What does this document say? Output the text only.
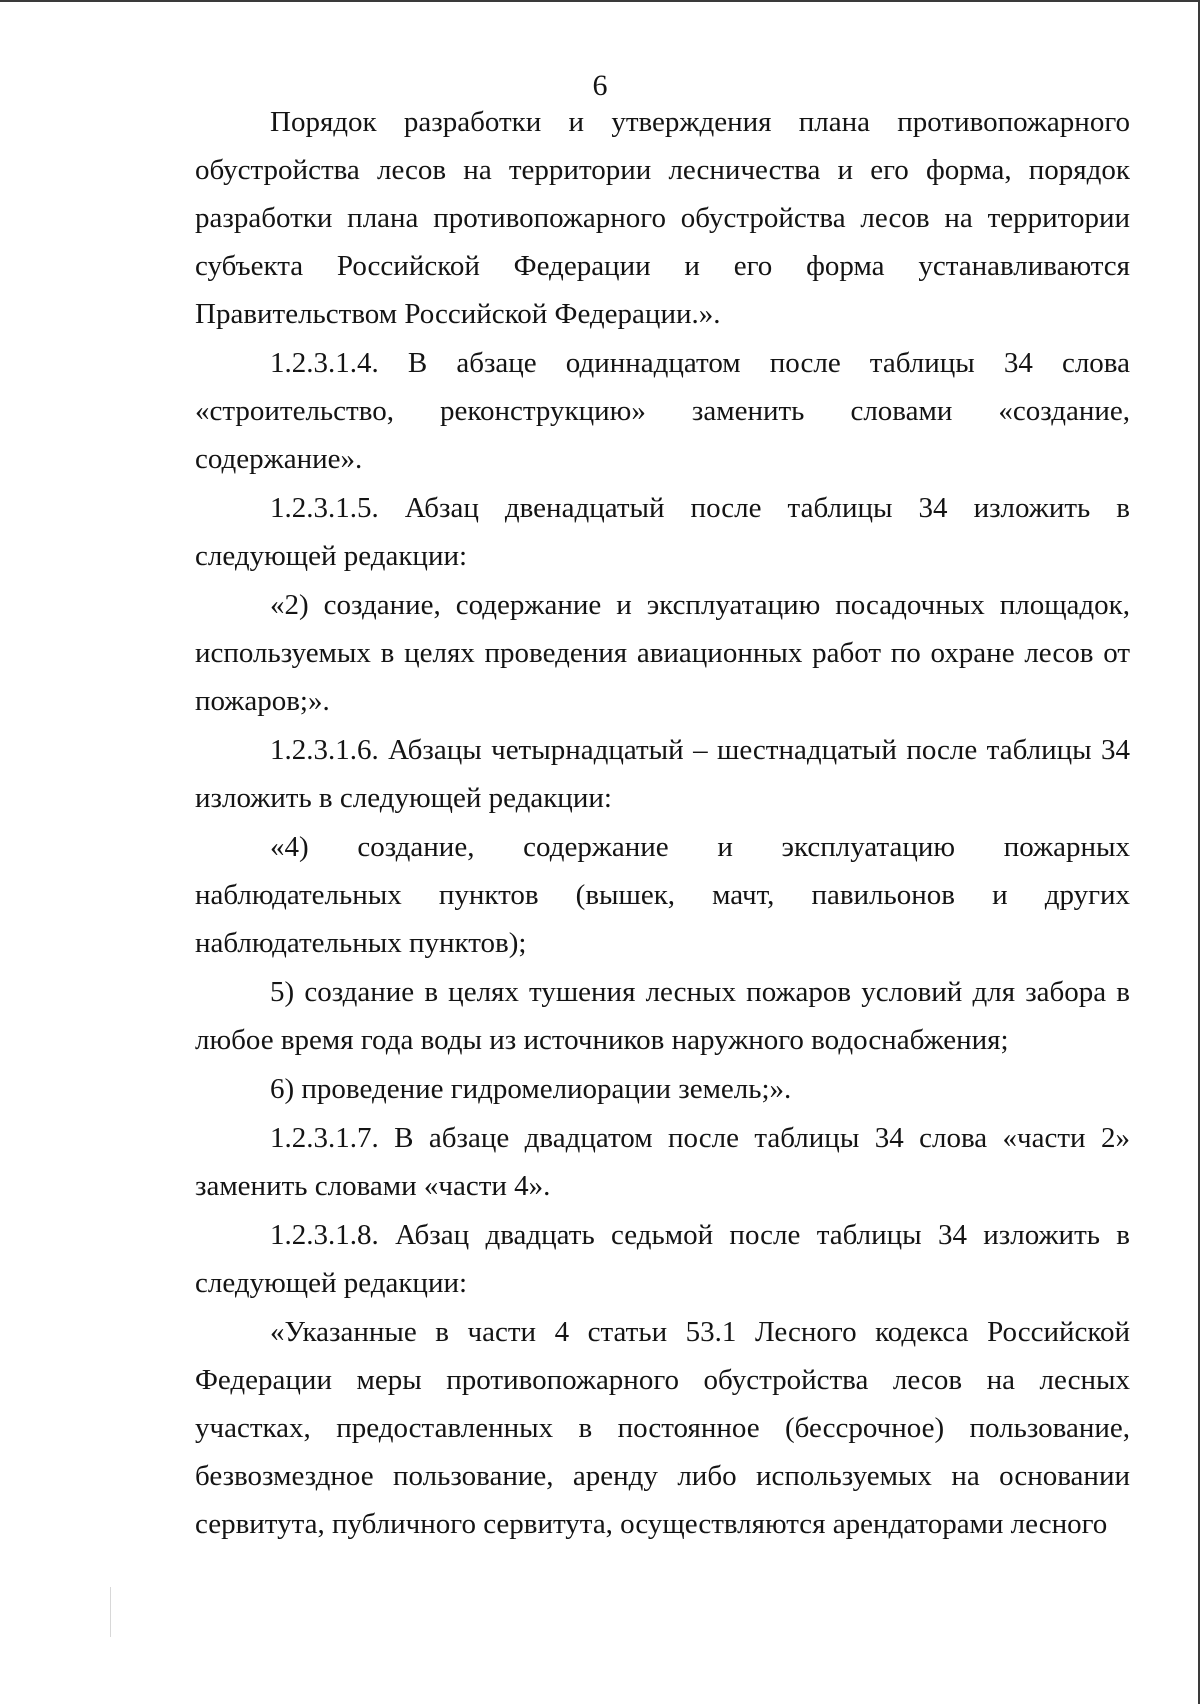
6

Порядок разработки и утверждения плана противопожарного обустройства лесов на территории лесничества и его форма, порядок разработки плана противопожарного обустройства лесов на территории субъекта Российской Федерации и его форма устанавливаются Правительством Российской Федерации.».

1.2.3.1.4. В абзаце одиннадцатом после таблицы 34 слова «строительство, реконструкцию» заменить словами «создание, содержание».

1.2.3.1.5. Абзац двенадцатый после таблицы 34 изложить в следующей редакции:

«2) создание, содержание и эксплуатацию посадочных площадок, используемых в целях проведения авиационных работ по охране лесов от пожаров;».

1.2.3.1.6. Абзацы четырнадцатый – шестнадцатый после таблицы 34 изложить в следующей редакции:

«4) создание, содержание и эксплуатацию пожарных наблюдательных пунктов (вышек, мачт, павильонов и других наблюдательных пунктов);

5) создание в целях тушения лесных пожаров условий для забора в любое время года воды из источников наружного водоснабжения;

6) проведение гидромелиорации земель;».

1.2.3.1.7. В абзаце двадцатом после таблицы 34 слова «части 2» заменить словами «части 4».

1.2.3.1.8. Абзац двадцать седьмой после таблицы 34 изложить в следующей редакции:

«Указанные в части 4 статьи 53.1 Лесного кодекса Российской Федерации меры противопожарного обустройства лесов на лесных участках, предоставленных в постоянное (бессрочное) пользование, безвозмездное пользование, аренду либо используемых на основании сервитута, публичного сервитута, осуществляются арендаторами лесного
